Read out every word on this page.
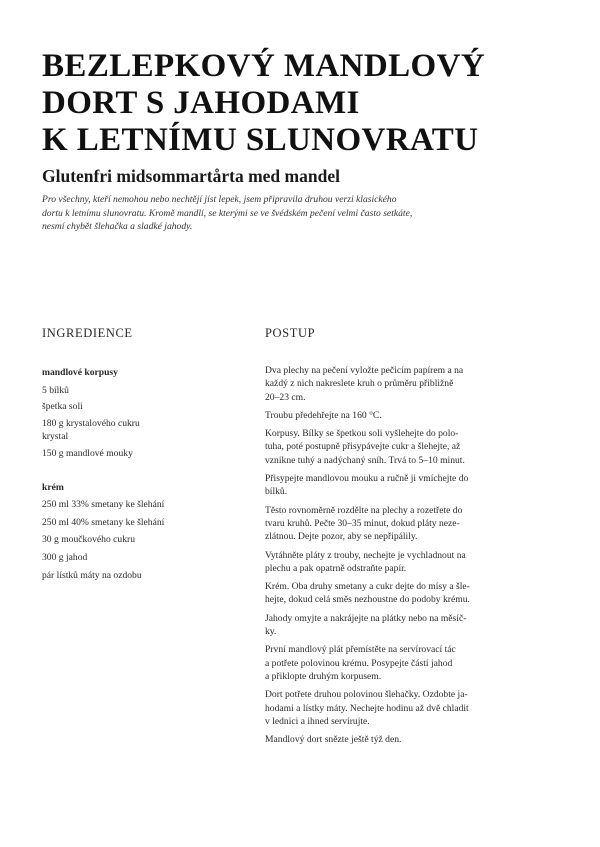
BEZLEPKOVÝ MANDLOVÝ
DORT S JAHODAMI
K LETNÍMU SLUNOVRATU
Glutenfri midsommartårta med mandel

Pro všechny, kteří nemohou nebo nechtějí jíst lepek, jsem připravila druhou verzi klasického
dortu k letnímu slunovratu. Kromě mandlí, se kterými se ve švédském pečení velmi často setkáte,
nesmí chybět šlehačka a sladké jahody.

INGREDIENCE	POSTUP

mandlové korpusy

5 bílků

špetka soli

180 g krystalového cukru krystal

150 g mandlové mouky

krém

250 ml 33% smetany ke šlehání

250 ml 40% smetany ke šlehání

30 g moučkového cukru

300 g jahod

pár lístků máty na ozdobu

Dva plechy na pečení vyložte pečicím papírem a na
každý z nich nakreslete kruh o průměru přibližně
20–23 cm.

Troubu předehřejte na 160 °C.

Korpusy. Bílky se špetkou soli vyšlehejte do polo-
tuha, poté postupně přisypávejte cukr a šlehejte, až
vznikne tuhý a nadýchaný sníh. Trvá to 5–10 minut.

Přisypejte mandlovou mouku a ručně ji vmíchejte do
bílků.

Těsto rovnoměrně rozdělte na plechy a rozetřete do
tvaru kruhů. Pečte 30–35 minut, dokud pláty neze-
zlátnou. Dejte pozor, aby se nepřipálily.

Vytáhněte pláty z trouby, nechejte je vychladnout na
plechu a pak opatrně odstraňte papír.

Krém. Oba druhy smetany a cukr dejte do mísy a šle-
hejte, dokud celá směs nezhoustne do podoby krému.

Jahody omyjte a nakrájejte na plátky nebo na měsíč-
ky.

První mandlový plát přemístěte na servírovací tác
a potřete polovinou krému. Posypejte částí jahod
a přiklopte druhým korpusem.

Dort potřete druhou polovinou šlehačky. Ozdobte ja-
hodami a lístky máty. Nechejte hodinu až dvě chladit
v lednici a ihned servírujte.

Mandlový dort snězte ještě týž den.
